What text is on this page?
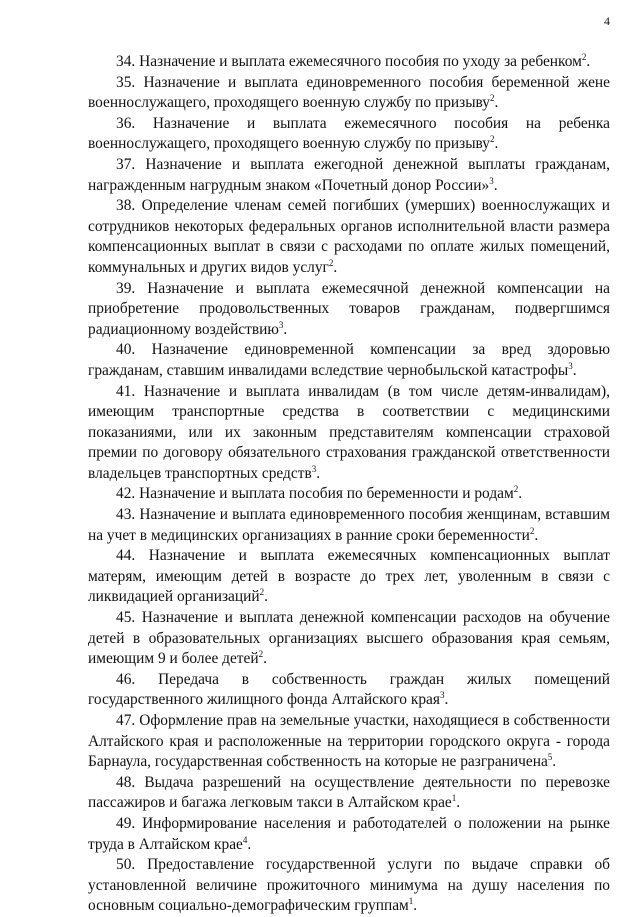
4

34. Назначение и выплата ежемесячного пособия по уходу за ребенком$^2$.

35. Назначение и выплата единовременного пособия беременной жене военнослужащего, проходящего военную службу по призыву$^2$.

36. Назначение и выплата ежемесячного пособия на ребенка военнослужащего, проходящего военную службу по призыву$^2$.

37. Назначение и выплата ежегодной денежной выплаты гражданам, награжденным нагрудным знаком «Почетный донор России»$^3$.

38. Определение членам семей погибших (умерших) военнослужащих и сотрудников некоторых федеральных органов исполнительной власти размера компенсационных выплат в связи с расходами по оплате жилых помещений, коммунальных и других видов услуг$^2$.

39. Назначение и выплата ежемесячной денежной компенсации на приобретение продовольственных товаров гражданам, подвергшимся радиационному воздействию$^3$.

40. Назначение единовременной компенсации за вред здоровью гражданам, ставшим инвалидами вследствие чернобыльской катастрофы$^3$.

41. Назначение и выплата инвалидам (в том числе детям-инвалидам), имеющим транспортные средства в соответствии с медицинскими показаниями, или их законным представителям компенсации страховой премии по договору обязательного страхования гражданской ответственности владельцев транспортных средств$^3$.

42. Назначение и выплата пособия по беременности и родам$^2$.

43. Назначение и выплата единовременного пособия женщинам, вставшим на учет в медицинских организациях в ранние сроки беременности$^2$.

44. Назначение и выплата ежемесячных компенсационных выплат матерям, имеющим детей в возрасте до трех лет, уволенным в связи с ликвидацией организаций$^2$.

45. Назначение и выплата денежной компенсации расходов на обучение детей в образовательных организациях высшего образования края семьям, имеющим 9 и более детей$^2$.

46. Передача в собственность граждан жилых помещений государственного жилищного фонда Алтайского края$^3$.

47. Оформление прав на земельные участки, находящиеся в собственности Алтайского края и расположенные на территории городского округа - города Барнаула, государственная собственность на которые не разграничена$^5$.

48. Выдача разрешений на осуществление деятельности по перевозке пассажиров и багажа легковым такси в Алтайском крае$^1$.

49. Информирование населения и работодателей о положении на рынке труда в Алтайском крае$^4$.

50. Предоставление государственной услуги по выдаче справки об установленной величине прожиточного минимума на душу населения по основным социально-демографическим группам$^1$.
